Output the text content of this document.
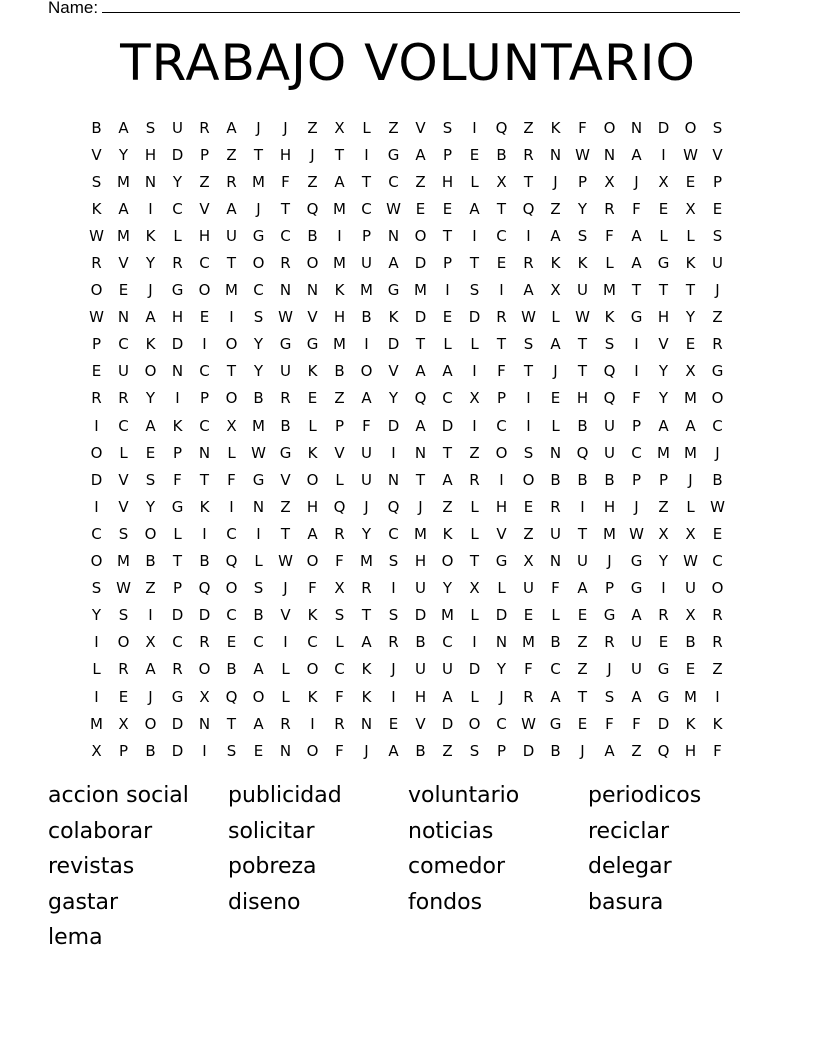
Name:
TRABAJO VOLUNTARIO
B	A	S	U	R	A	J	J	Z	X	L	Z	V	S	I	Q	Z	K	F	O	N	D	O	S
V	Y	H	D	P	Z	T	H	J	T	I	G	A	P	E	B	R	N W N	A	I	W V
S	M N	Y	Z	R	M	F	Z	A	T	C	Z	H	L	X	T	J	P	X	J	X	E	P
K	A	I	C	V	A	J	T	Q M	C W E	E	A	T	Q	Z	Y	R	F	E	X	E
W M	K	L	H	U	G	C	B	I	P	N	O	T	I	C	I	A	S	F	A	L	L	S
R	V	Y	R	C	T	O	R	O M	U	A	D	P	T	E	R	K	K	L	A	G	K	U
O	E	J	G	O M	C	N	N	K	M G M	I	S	I	A	X	U	M	T	T	T	J
W N	A	H	E	I	S W V	H	B	K	D	E	D	R W	L	W K	G	H	Y	Z
P	C	K	D	I	O	Y	G	G M	I	D	T	L	L	T	S	A	T	S	I	V	E	R
E	U	O	N	C	T	Y	U	K	B	O	V	A	A	I	F	T	J	T	Q	I	Y	X	G
R	R	Y	I	P	O	B	R	E	Z	A	Y	Q	C	X	P	I	E	H	Q	F	Y	M O
I	C	A	K	C	X	M	B	L	P	F	D	A	D	I	C	I	L	B	U	P	A	A	C
O	L	E	P	N	L	W G	K	V	U	I	N	T	Z	O	S	N	Q	U	C	M M	J
D	V	S	F	T	F	G	V	O	L	U	N	T	A	R	I	O	B	B	B	P	P	J	B
I	V	Y	G	K	I	N	Z	H	Q	J	Q	J	Z	L	H	E	R	I	H	J	Z	L	W
C	S	O	L	I	C	I	T	A	R	Y	C	M	K	L	V	Z	U	T	M W X	X	E
O M	B	T	B	Q	L	W O	F	M	S	H	O	T	G	X	N	U	J	G	Y	W C
S W Z	P	Q	O	S	J	F	X	R	I	U	Y	X	L	U	F	A	P	G	I	U	O
Y	S	I	D	D	C	B	V	K	S	T	S	D M	L	D	E	L	E	G	A	R	X	R
I	O	X	C	R	E	C	I	C	L	A	R	B	C	I	N M	B	Z	R	U	E	B	R
L	R	A	R	O	B	A	L	O	C	K	J	U	U	D	Y	F	C	Z	J	U	G	E	Z
I	E	J	G	X	Q	O	L	K	F	K	I	H	A	L	J	R	A	T	S	A	G M	I
M	X	O	D	N	T	A	R	I	R	N	E	V	D	O	C W G	E	F	F	D	K	K
X	P	B	D	I	S	E	N	O	F	J	A	B	Z	S	P	D	B	J	A	Z	Q	H	F
accion social	publicidad	voluntario	periodicos
colaborar	solicitar	noticias	reciclar
revistas	pobreza	comedor	delegar
gastar	diseno	fondos	basura
lema
